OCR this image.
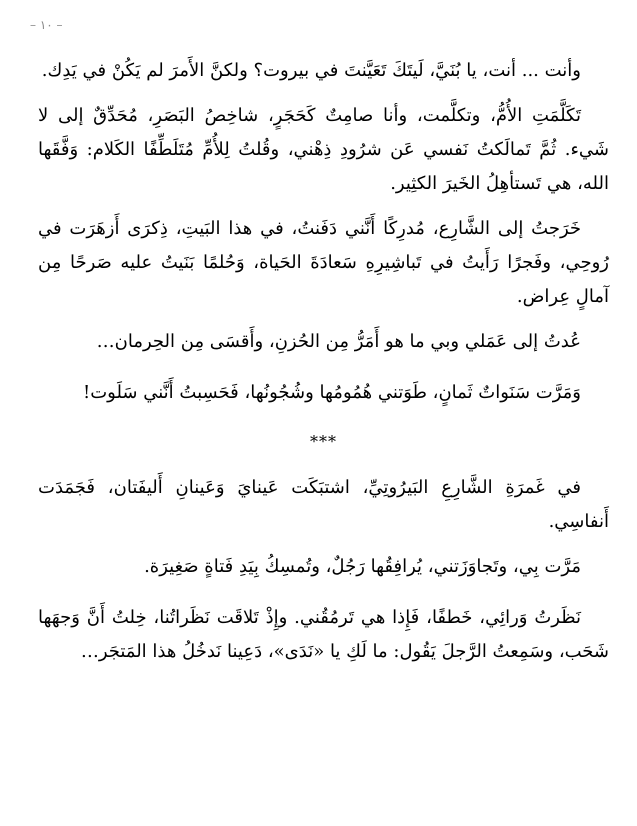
– ١٠ –

وأنت ... أنت، يا بُنَيَّ، لَيتَكَ تَعَيَّنتَ في بيروت؟ ولكنَّ الأَمرَ لم يَكُنْ في يَدِك.

تَكَلَّمَتِ الأُمُّ، وتكلَّمت، وأنا صامِتٌ كَحَجَرٍ، شاخِصُ البَصَرِ، مُحَدِّقٌ إلى لا شَيء. ثُمَّ تَمالَكتُ نَفسي عَن شرُودِ ذِهْني، وقُلتُ لِلأُمِّ مُتَلَطِّفًا الكَلام: وَفَّقَها الله، هي تَستأهِلُ الخَيرَ الكثِير.

خَرَجتُ إلى الشَّارِع، مُدرِكًا أَنَّني دَفَنتُ، في هذا البَيتِ، ذِكرَى أَزهَرَت في رُوحِي، وفَجرًا رَأَيتُ في تَباشِيرِهِ سَعادَةَ الحَياة، وَحُلمًا بَنَيتُ عليه صَرحًا مِن آمالٍ عِراض.

عُدتُ إلى عَمَلي وبي ما هو أَمَرُّ مِن الحُزنِ، وأَقسَى مِن الحِرمان…

وَمَرَّت سَنَواتٌ ثَمانٍ، طَوَتني هُمُومُها وشُجُونُها، فَحَسِبتُ أَنَّني سَلَوت!

***

في غَمرَةِ الشَّارِعِ البَيرُوتِيِّ، اشتبَكَت عَينايَ وَعَينانِ أَليفَتان، فَجَمَدَت أَنفاسِي.

مَرَّت بِي، وتَجاوَزَتني، يُرافِقُها رَجُلٌ، وتُمسِكُ بِيَدِ فَتاةٍ صَغِيرَة.

نَظَرتُ وَرائِي، خَطفًا، فَإِذا هي تَرمُقُني. وإِذْ تَلاقَت نَظَراتُنا، خِلتُ أَنَّ وَجهَها شَحَب، وسَمِعتُ الرَّجلَ يَقُول: ما لَكِ يا «نَدَى»، دَعِينا نَدخُلُ هذا المَتجَر…
